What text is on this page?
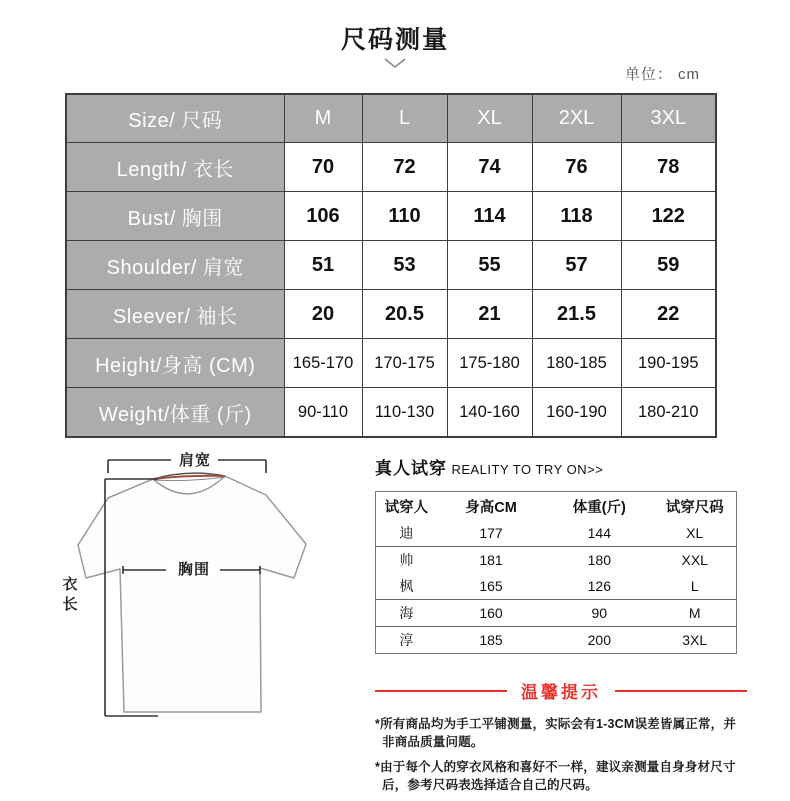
尺码测量
单位： cm
Size/ 尺码	M	L	XL	2XL	3XL
Length/ 衣长	70	72	74	76	78
Bust/ 胸围	106	110	114	118	122
Shoulder/ 肩宽	51	53	55	57	59
Sleever/ 袖长	20	20.5	21	21.5	22
Height/身高 (CM)	165-170	170-175	175-180	180-185	190-195
Weight/体重 (斤)	90-110	110-130	140-160	160-190	180-210
肩宽
胸围
衣长
真人试穿 REALITY TO TRY ON>>
试穿人	身高CM	体重(斤)	试穿尺码
迪	177	144	XL
帅	181	180	XXL
枫	165	126	L
海	160	90	M
淳	185	200	3XL
温馨提示

*所有商品均为手工平铺测量，实际会有1-3CM误差皆属正常，并非商品质量问题。

*由于每个人的穿衣风格和喜好不一样，建议亲测量自身身材尺寸后，参考尺码表选择适合自己的尺码。
